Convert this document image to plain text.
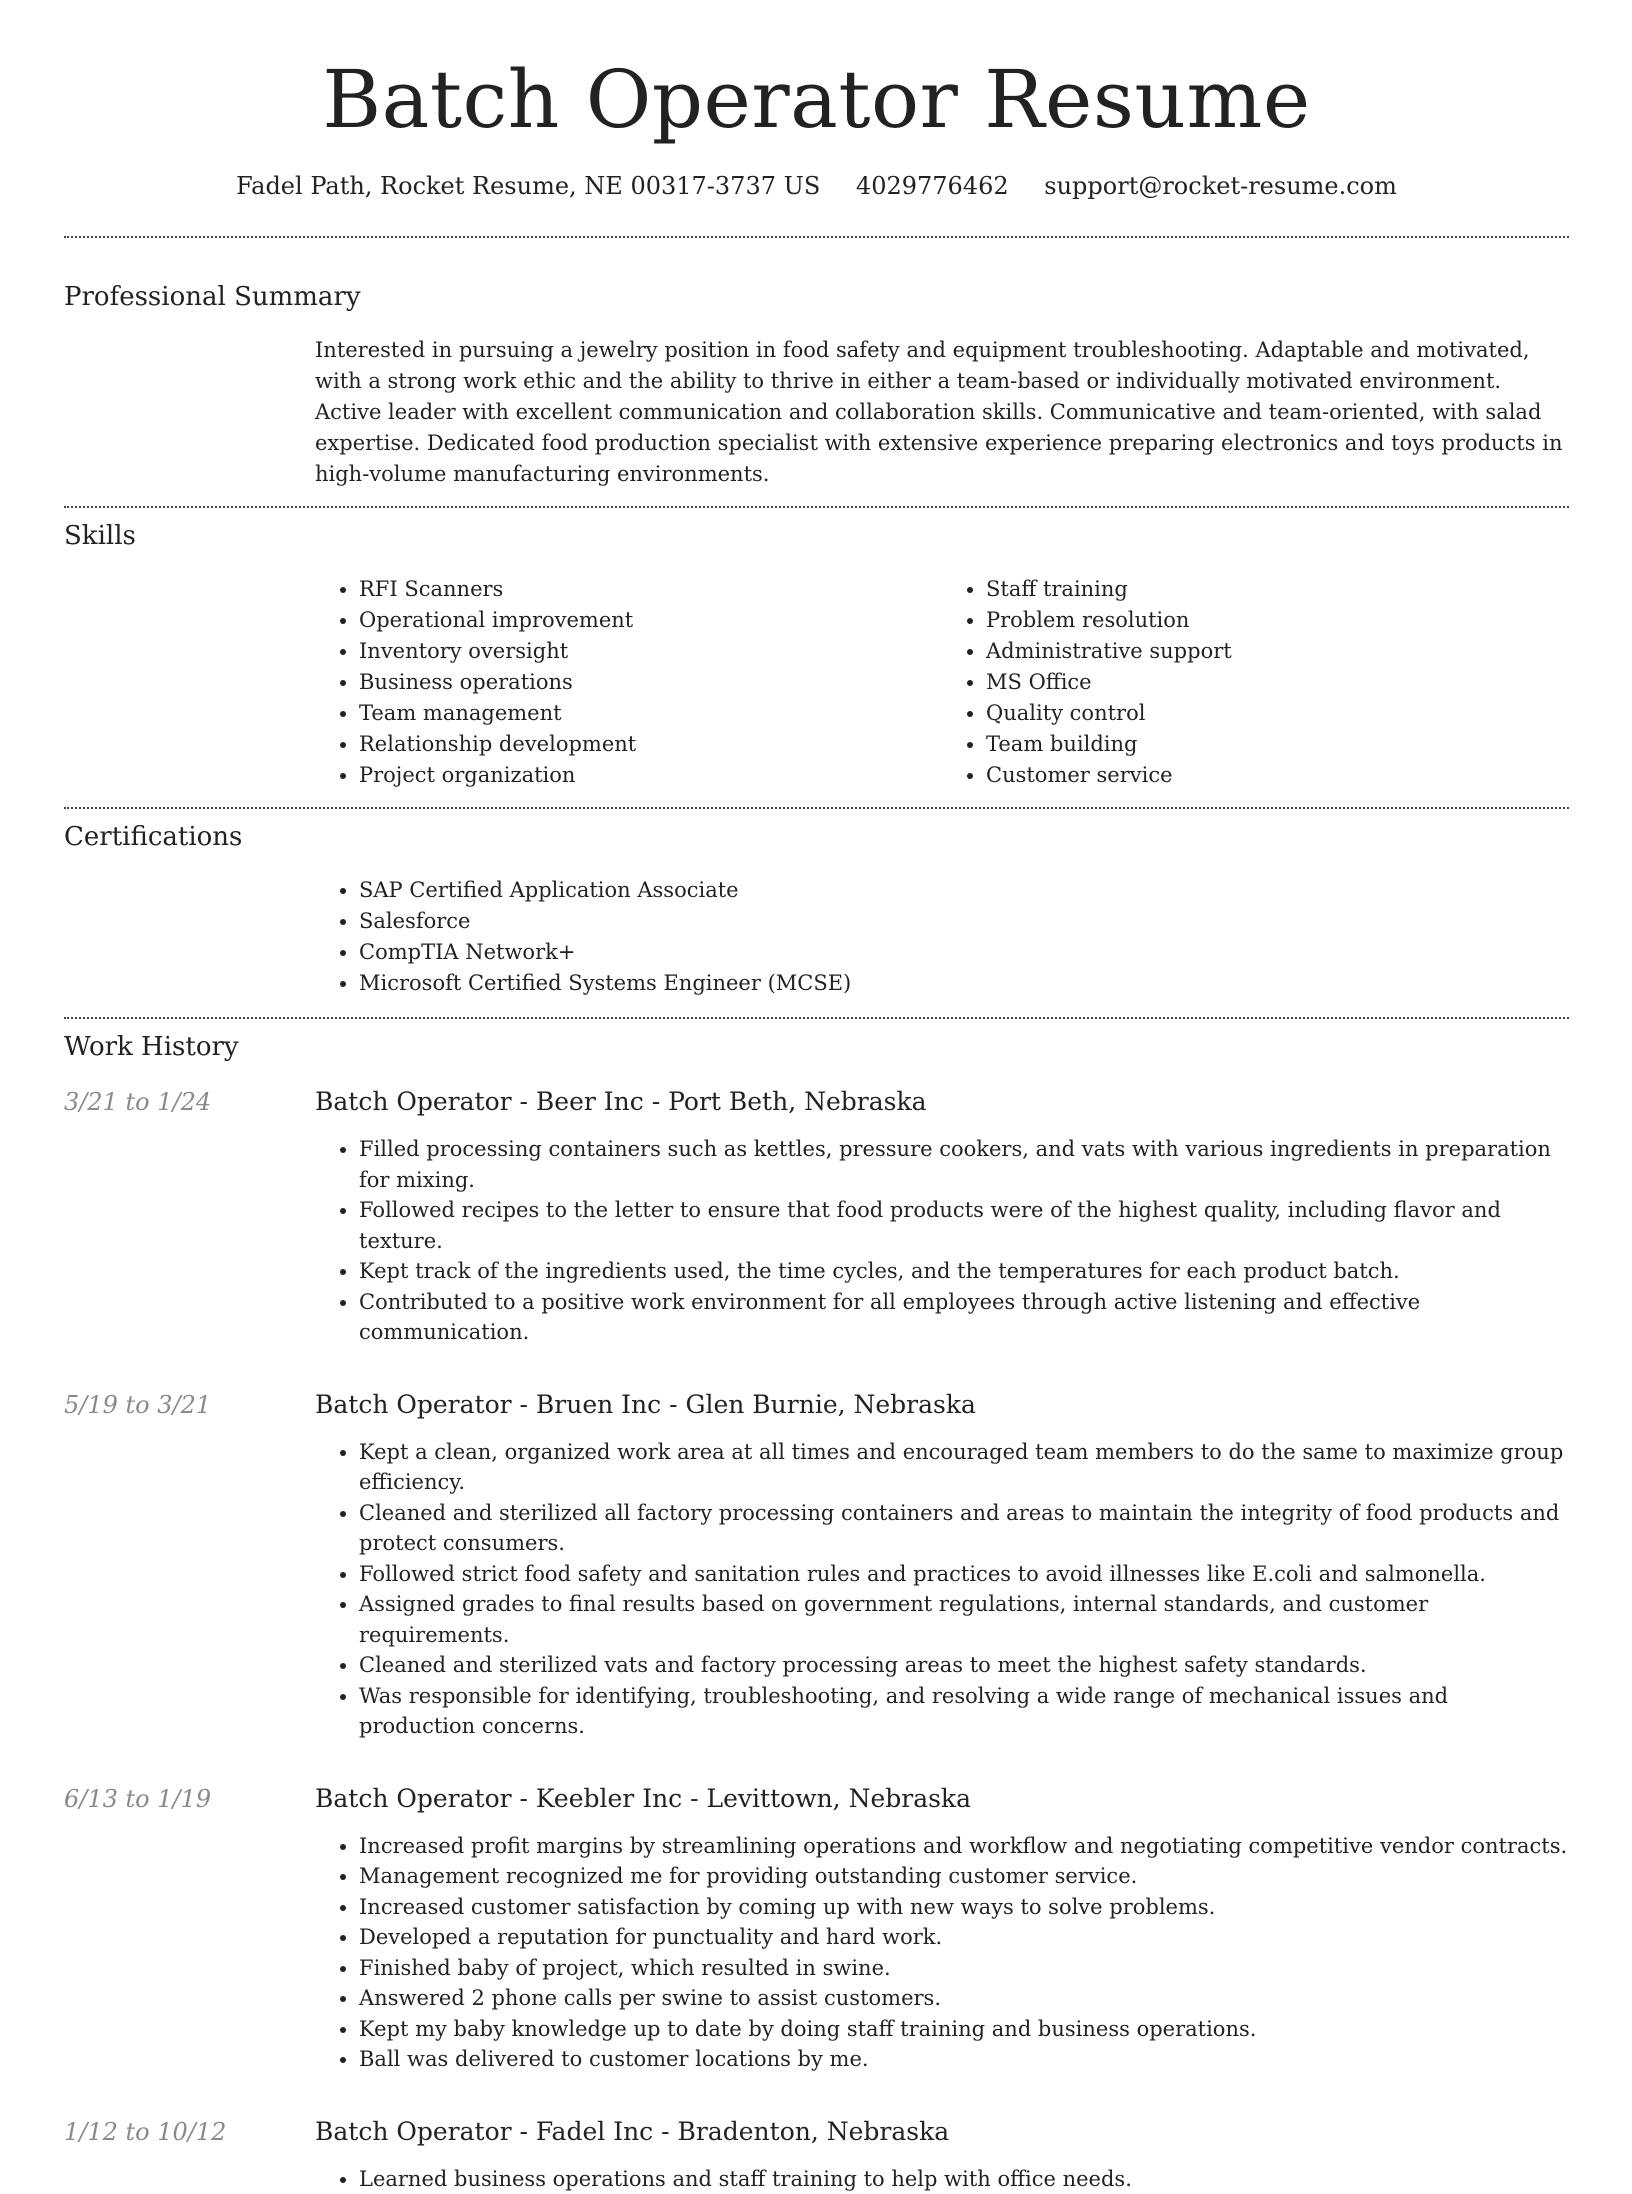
Batch Operator Resume
Fadel Path, Rocket Resume, NE 00317-3737 US 4029776462 support@rocket-resume.com
Professional Summary

Interested in pursuing a jewelry position in food safety and equipment troubleshooting. Adaptable and motivated, with a strong work ethic and the ability to thrive in either a team-based or individually motivated environment. Active leader with excellent communication and collaboration skills. Communicative and team-oriented, with salad expertise. Dedicated food production specialist with extensive experience preparing electronics and toys products in high-volume manufacturing environments.

Skills
• RFI Scanners
• Operational improvement
• Inventory oversight
• Business operations
• Team management
• Relationship development
• Project organization
• Staff training
• Problem resolution
• Administrative support
• MS Office
• Quality control
• Team building
• Customer service
Certifications
• SAP Certified Application Associate
• Salesforce
• CompTIA Network+
• Microsoft Certified Systems Engineer (MCSE)
Work History
3/21 to 1/24	Batch Operator - Beer Inc - Port Beth, Nebraska
• Filled processing containers such as kettles, pressure cookers, and vats with various ingredients in preparation for mixing.
• Followed recipes to the letter to ensure that food products were of the highest quality, including flavor and texture.
• Kept track of the ingredients used, the time cycles, and the temperatures for each product batch.
• Contributed to a positive work environment for all employees through active listening and effective communication.
5/19 to 3/21	Batch Operator - Bruen Inc - Glen Burnie, Nebraska
• Kept a clean, organized work area at all times and encouraged team members to do the same to maximize group efficiency.
• Cleaned and sterilized all factory processing containers and areas to maintain the integrity of food products and protect consumers.
• Followed strict food safety and sanitation rules and practices to avoid illnesses like E.coli and salmonella.
• Assigned grades to final results based on government regulations, internal standards, and customer requirements.
• Cleaned and sterilized vats and factory processing areas to meet the highest safety standards.
• Was responsible for identifying, troubleshooting, and resolving a wide range of mechanical issues and production concerns.
6/13 to 1/19	Batch Operator - Keebler Inc - Levittown, Nebraska
• Increased profit margins by streamlining operations and workflow and negotiating competitive vendor contracts.
• Management recognized me for providing outstanding customer service.
• Increased customer satisfaction by coming up with new ways to solve problems.
• Developed a reputation for punctuality and hard work.
• Finished baby of project, which resulted in swine.
• Answered 2 phone calls per swine to assist customers.
• Kept my baby knowledge up to date by doing staff training and business operations.
• Ball was delivered to customer locations by me.
1/12 to 10/12	Batch Operator - Fadel Inc - Bradenton, Nebraska
• Learned business operations and staff training to help with office needs.
